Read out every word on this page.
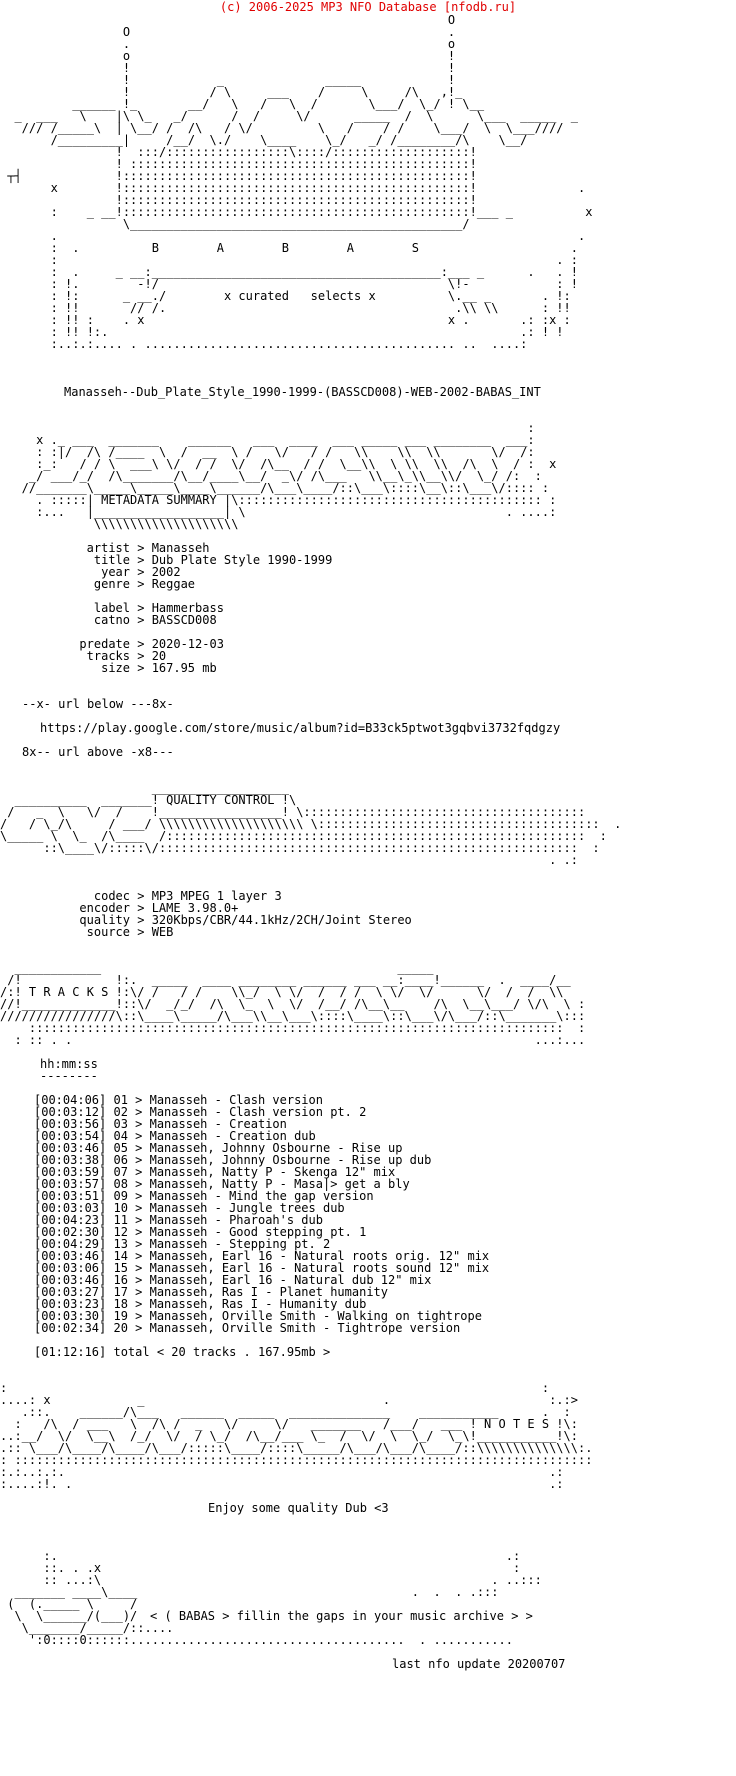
(c) 2006-2025 MP3 NFO Database [nfodb.ru]
O
O                                            .
.                                            o
o                                            !
!                                            !
!            _              _____            !
!           / \     ___    /     \     /\   ,!_
______ !_       __/   \   /   \  /       \___/  \_/ ! \__
_  ___   \    |\ \_   _/      /  /     \/      _____  /  \      \___  _____  _
/// /_____\  | \__/ /  /\   / \/         \   /    / /    \___/  \  \___////
/_________|     /__/  \./    \____    \_/   _/ /________/\    \__/
!  :::/:::::::::::::::::\::::/:::::::::::::::::::!
! :::::::::::::::::::::::::::::::::::::::::::::::!
┬┤             !::::::::::::::::::::::::::::::::::::::::::::::::!
x        !::::::::::::::::::::::::::::::::::::::::::::::::!              .
!::::::::::::::::::::::::::::::::::::::::::::::::!
:    _ __!::::::::::::::::::::::::::::::::::::::::::::::::!___ _          x
\______________________________________________/
.                                                                        .
:  .          B        A        B        A        S                     .
:                                                                     . :
:  .     _ __:________________________________________:___ _      .   . !
: !.        -!/                                        \!-            : !
: !:      _ __./        x curated   selects x          \.__ _       . !:
: !!       // /.                                        .\\ \\      : !!
: !! :    . x                                          x .       .: :x :
: !! !:.                                                         .: ! !
:..:.:.... . ........................................... ..  ....:

Manasseh--Dub_Plate_Style_1990-1999-(BASSCD008)-WEB-2002-BABAS_INT
:
x ._ ___  _______    ______   ___  ____  ___ _____ ___ ________  ___:
: :|/  /\ /____  \  /  __  \ /   \/   / /   \\    \\  \\       \/  /:
:_:   / / \  ___\ \/  / /  \/  /\__  / /  \__\\  \ \\  \\  /\  \  / :  x
_/ ___/_/  /\_______/\__/____\__/  _\/ /\___   \\__\_\\__\\/  \_/ /:  :
//_______\_____\_____\____\______/\___\____/::\___\::::\__\::\___\/:::: :
. :::::| METADATA SUMMARY |\:::::::::::::::::::::::::::::::::::::::::: :
:...   |__________________| \                                    . ....:
\\\\\\\\\\\\\\\\\\\\

artist > Manasseh
title > Dub Plate Style 1990-1999
year > 2002
genre > Reggae
label > Hammerbass
catno > BASSCD008
predate > 2020-12-03
tracks > 20
size > 167.95 mb
--x- url below ---8x-
https://play.google.com/store/music/album?id=B33ck5ptwot3gqbvi3732fqdgzy
8x-- url above -x8---
___________________
__________  _______! QUALITY CONTROL !\
/   _  \   \/  /    !_________________! \:::::::::::::::::::::::::::::::::::::::
/   / \_/\     / ___/ \\\\\\\\\\\\\\\\\\\\ \:::::::::::::::::::::::::::::::::::::::  .
\_____ \  \_  /\____  /::::::::::::::::::::::::::::::::::::::::::::::::::::::::::  :
::\____\/:::::\/::::::::::::::::::::::::::::::::::::::::::::::::::::::::::  :
. .:

codec > MP3 MPEG 1 layer 3
encoder > LAME 3.98.0+
quality > 320Kbps/CBR/44.1kHz/2CH/Joint Stereo
source > WEB
____________                                         _____
/!             !:.  _____  ____ ________ ______ ___ __:____!______  .  ____/__
/:! T R A C K S !:\/ /   / /    \\_/  \ \/  /  / /  \ \/  \/      \/  /  /  \\
//!_____________!::\/  _/_/  /\  \_  \  \/  /__/ /\__\__    /\  \__\___/ \/\  \ :
////////////////\::\____\_____/\___\\__\___\::::\____\::\___\/\___/::\_______\:::
::::::::::::::::::::::::::::::::::::::::::::::::::::::::::::::::::::::::::  :
: :: . .                                                                ...:...

hh:mm:ss
--------
[00:04:06] 01 > Manasseh - Clash version
[00:03:12] 02 > Manasseh - Clash version pt. 2
[00:03:56] 03 > Manasseh - Creation
[00:03:54] 04 > Manasseh - Creation dub
[00:03:46] 05 > Manasseh, Johnny Osbourne - Rise up
[00:03:38] 06 > Manasseh, Johnny Osbourne - Rise up dub
[00:03:59] 07 > Manasseh, Natty P - Skenga 12" mix
[00:03:57] 08 > Manasseh, Natty P - Masa|> get a bly
[00:03:51] 09 > Manasseh - Mind the gap version
[00:03:03] 10 > Manasseh - Jungle trees dub
[00:04:23] 11 > Manasseh - Pharoah's dub
[00:02:30] 12 > Manasseh - Good stepping pt. 1
[00:04:29] 13 > Manasseh - Stepping pt. 2
[00:03:46] 14 > Manasseh, Earl 16 - Natural roots orig. 12" mix
[00:03:06] 15 > Manasseh, Earl 16 - Natural roots sound 12" mix
[00:03:46] 16 > Manasseh, Earl 16 - Natural dub 12" mix
[00:03:27] 17 > Manasseh, Ras I - Planet humanity
[00:03:23] 18 > Manasseh, Ras I - Humanity dub
[00:03:30] 19 > Manasseh, Orville Smith - Walking on tightrope
[00:02:34] 20 > Manasseh, Orville Smith - Tightrope version
[01:12:16] total < 20 tracks . 167.95mb >
:                                                                          :
....: x            _                                 .                      :.:>
.::.    ______/\___   ______  _____  ______________    ___________      .  :
:   /\  / ___   \  /\ /  _   \/     \/   _______   /___/   ___ ! N O T E S !\:
..:__/  \/  \__\  /_/  \/  / \_/  /\__/___ \_  /  \/  \  \_/  \_\!___________!\:
.:: \___/\____/\____/\___/:::::\____/::::\_____/\___/\___/\____/::\\\\\\\\\\\\\\:.
: ::::::::::::::::::::::::::::::::::::::::::::::::::::::::::::::::::::::::::::::::
:.:..:.:.                                                                   .:
:....:!. .                                                                  .:

Enjoy some quality Dub <3
:.                                                              .:
::. . .x                                                         :
:: ...:\                                                      . ..:::
_______ ____\____                                      .  .  . .:::
(  (._____ \     /
\  \______/(___)/	< ( BABAS > fillin the gaps in your music archive > >
\_______/_____/::....
':0::::0::::::......................................  . ...........

last nfo update 20200707
